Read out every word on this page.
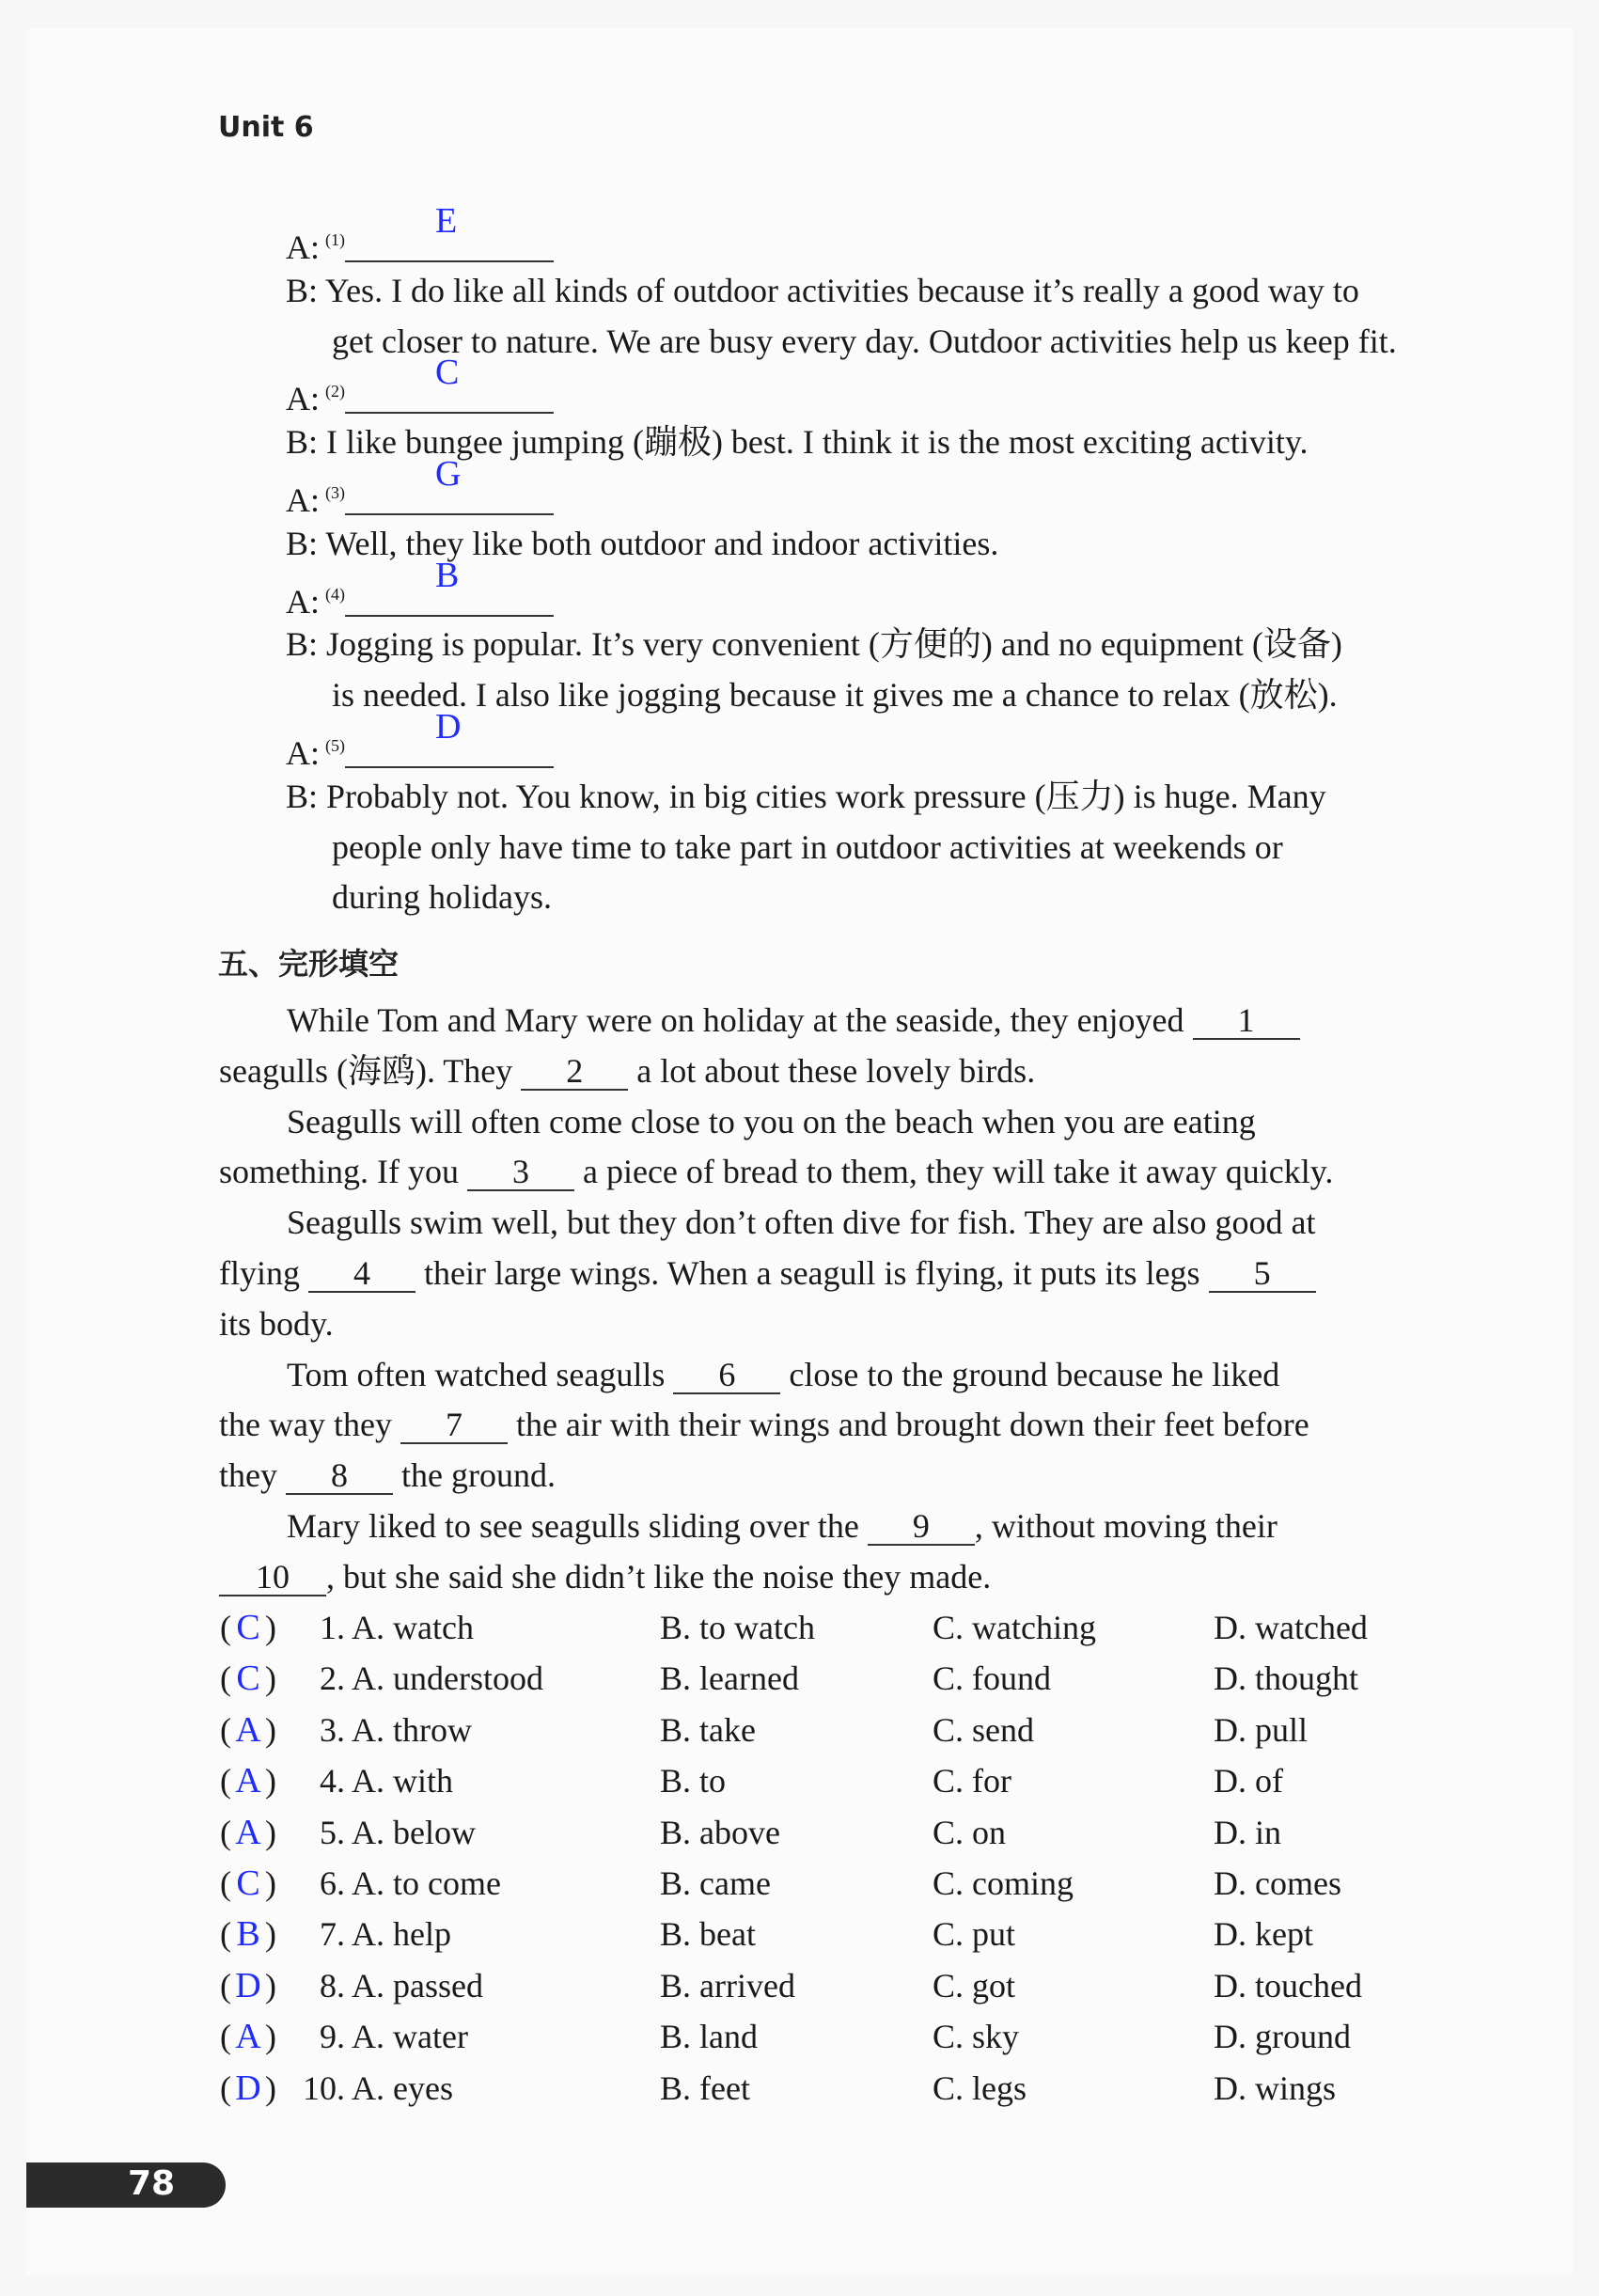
Unit 6
A: $^{(1)}$	E
B: Yes. I do like all kinds of outdoor activities because it’s really a good way to
get closer to nature. We are busy every day. Outdoor activities help us keep fit.
A: $^{(2)}$	C
B: I like bungee jumping (蹦极) best. I think it is the most exciting activity.
A: $^{(3)}$	G
B: Well, they like both outdoor and indoor activities.
A: $^{(4)}$	B
B: Jogging is popular. It’s very convenient (方便的) and no equipment (设备)
is needed. I also like jogging because it gives me a chance to relax (放松).
A: $^{(5)}$	D
B: Probably not. You know, in big cities work pressure (压力) is huge. Many
people only have time to take part in outdoor activities at weekends or
during holidays.
五、完形填空
While Tom and Mary were on holiday at the seaside, they enjoyed 1
seagulls (海鸥). They 2 a lot about these lovely birds.
Seagulls will often come close to you on the beach when you are eating
something. If you 3 a piece of bread to them, they will take it away quickly.
Seagulls swim well, but they don’t often dive for fish. They are also good at
flying 4 their large wings. When a seagull is flying, it puts its legs 5
its body.
Tom often watched seagulls 6 close to the ground because he liked
the way they 7 the air with their wings and brought down their feet before
they 8 the ground.
Mary liked to see seagulls sliding over the 9 , without moving their
10 , but she said she didn’t like the noise they made.
( C ) 1. A. watch	B. to watch	C. watching	D. watched
( C ) 2. A. understood	B. learned	C. found	D. thought
( A ) 3. A. throw	B. take	C. send	D. pull
( A ) 4. A. with	B. to	C. for	D. of
( A ) 5. A. below	B. above	C. on	D. in
( C ) 6. A. to come	B. came	C. coming	D. comes
( B ) 7. A. help	B. beat	C. put	D. kept
( D ) 8. A. passed	B. arrived	C. got	D. touched
( A ) 9. A. water	B. land	C. sky	D. ground
( D ) 10. A. eyes	B. feet	C. legs	D. wings
78
